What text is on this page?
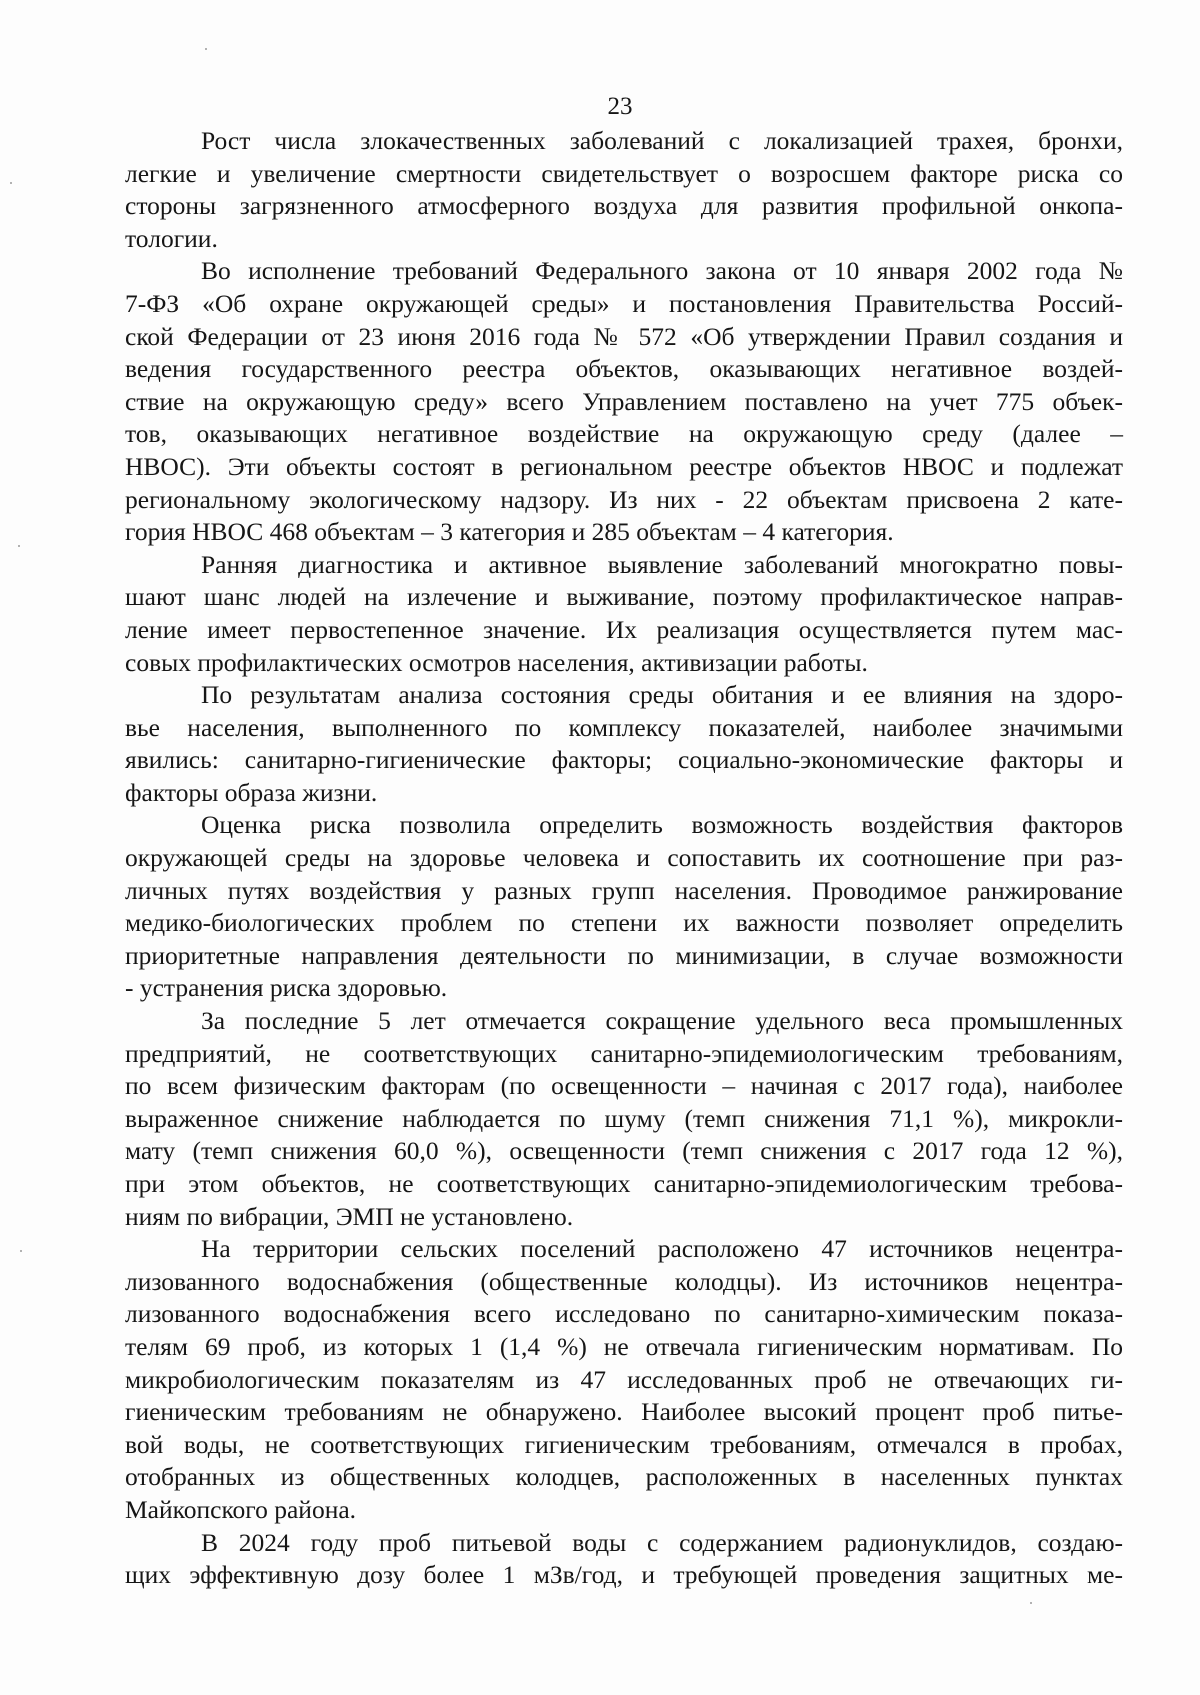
23

Рост числа злокачественных заболеваний с локализацией трахея, бронхи,
легкие и увеличение смертности свидетельствует о возросшем факторе риска со
стороны загрязненного атмосферного воздуха для развития профильной онкопа-
тологии.

Во исполнение требований Федерального закона от 10 января 2002 года №
7-ФЗ «Об охране окружающей среды» и постановления Правительства Россий-
ской Федерации от 23 июня 2016 года № 572 «Об утверждении Правил создания и
ведения государственного реестра объектов, оказывающих негативное воздей-
ствие на окружающую среду» всего Управлением поставлено на учет 775 объек-
тов, оказывающих негативное воздействие на окружающую среду (далее –
НВОС). Эти объекты состоят в региональном реестре объектов НВОС и подлежат
региональному экологическому надзору. Из них - 22 объектам присвоена 2 кате-
гория НВОС 468 объектам – 3 категория и 285 объектам – 4 категория.

Ранняя диагностика и активное выявление заболеваний многократно повы-
шают шанс людей на излечение и выживание, поэтому профилактическое направ-
ление имеет первостепенное значение. Их реализация осуществляется путем мас-
совых профилактических осмотров населения, активизации работы.

По результатам анализа состояния среды обитания и ее влияния на здоро-
вье населения, выполненного по комплексу показателей, наиболее значимыми
явились: санитарно-гигиенические факторы; социально-экономические факторы и
факторы образа жизни.

Оценка риска позволила определить возможность воздействия факторов
окружающей среды на здоровье человека и сопоставить их соотношение при раз-
личных путях воздействия у разных групп населения. Проводимое ранжирование
медико-биологических проблем по степени их важности позволяет определить
приоритетные направления деятельности по минимизации, в случае возможности
- устранения риска здоровью.

За последние 5 лет отмечается сокращение удельного веса промышленных
предприятий, не соответствующих санитарно-эпидемиологическим требованиям,
по всем физическим факторам (по освещенности – начиная с 2017 года), наиболее
выраженное снижение наблюдается по шуму (темп снижения 71,1 %), микрокли-
мату (темп снижения 60,0 %), освещенности (темп снижения с 2017 года 12 %),
при этом объектов, не соответствующих санитарно-эпидемиологическим требова-
ниям по вибрации, ЭМП не установлено.

На территории сельских поселений расположено 47 источников нецентра-
лизованного водоснабжения (общественные колодцы). Из источников нецентра-
лизованного водоснабжения всего исследовано по санитарно-химическим показа-
телям 69 проб, из которых 1 (1,4 %) не отвечала гигиеническим нормативам. По
микробиологическим показателям из 47 исследованных проб не отвечающих ги-
гиеническим требованиям не обнаружено. Наиболее высокий процент проб питье-
вой воды, не соответствующих гигиеническим требованиям, отмечался в пробах,
отобранных из общественных колодцев, расположенных в населенных пунктах
Майкопского района.

В 2024 году проб питьевой воды с содержанием радионуклидов, создаю-
щих эффективную дозу более 1 мЗв/год, и требующей проведения защитных ме-
